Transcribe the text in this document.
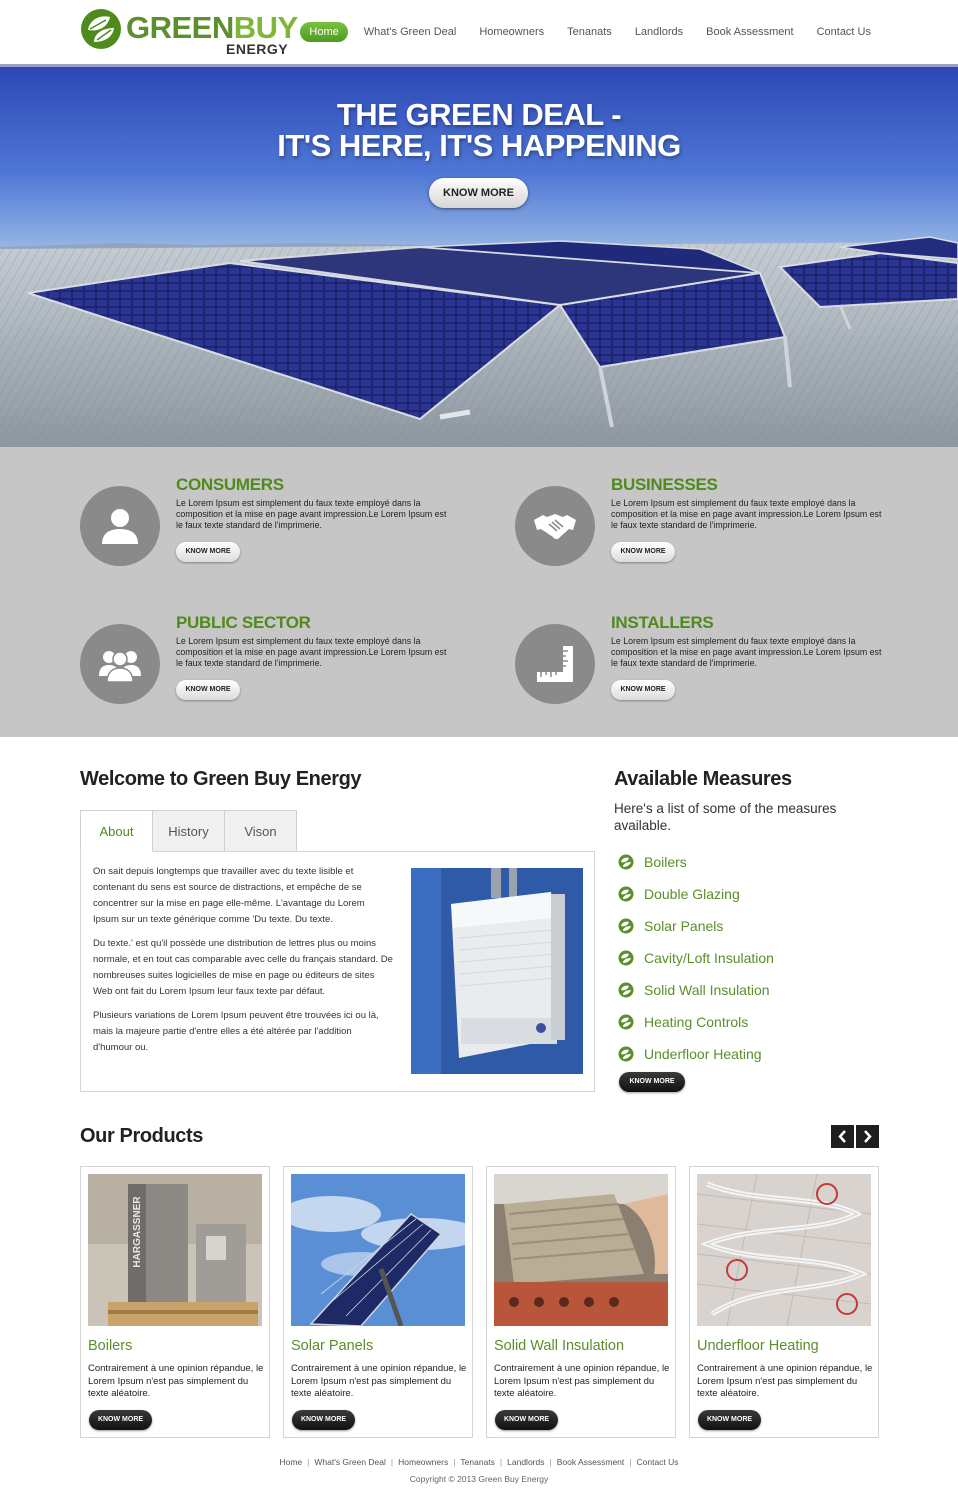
GREENBUY
ENERGY
Home	What's Green Deal	Homeowners	Tenanats	Landlords	Book Assessment	Contact Us
THE GREEN DEAL -
IT'S HERE, IT'S HAPPENING
KNOW MORE
CONSUMERS
Le Lorem Ipsum est simplement du faux texte employé dans la composition et la mise en page avant impression.Le Lorem Ipsum est le faux texte standard de l'imprimerie.
KNOW MORE
BUSINESSES
Le Lorem Ipsum est simplement du faux texte employé dans la composition et la mise en page avant impression.Le Lorem Ipsum est le faux texte standard de l'imprimerie.
KNOW MORE
PUBLIC SECTOR
Le Lorem Ipsum est simplement du faux texte employé dans la composition et la mise en page avant impression.Le Lorem Ipsum est le faux texte standard de l'imprimerie.
KNOW MORE
INSTALLERS
Le Lorem Ipsum est simplement du faux texte employé dans la composition et la mise en page avant impression.Le Lorem Ipsum est le faux texte standard de l'imprimerie.
KNOW MORE
Welcome to Green Buy Energy
About	History	Vison

On sait depuis longtemps que travailler avec du texte lisible et contenant du sens est source de distractions, et empêche de se concentrer sur la mise en page elle-même. L'avantage du Lorem Ipsum sur un texte générique comme 'Du texte. Du texte.

Du texte.' est qu'il possède une distribution de lettres plus ou moins normale, et en tout cas comparable avec celle du français standard. De nombreuses suites logicielles de mise en page ou éditeurs de sites Web ont fait du Lorem Ipsum leur faux texte par défaut.

Plusieurs variations de Lorem Ipsum peuvent être trouvées ici ou là, mais la majeure partie d'entre elles a été altérée par l'addition d'humour ou.

Available Measures
Here's a list of some of the measures available.
Boilers
Double Glazing
Solar Panels
Cavity/Loft Insulation
Solid Wall Insulation
Heating Controls
Underfloor Heating
KNOW MORE
Our Products
HARGASSNER
Boilers
Contrairement à une opinion répandue, le Lorem Ipsum n'est pas simplement du texte aléatoire.
KNOW MORE
Solar Panels
Contrairement à une opinion répandue, le Lorem Ipsum n'est pas simplement du texte aléatoire.
KNOW MORE
Solid Wall Insulation
Contrairement à une opinion répandue, le Lorem Ipsum n'est pas simplement du texte aléatoire.
KNOW MORE
Underfloor Heating
Contrairement à une opinion répandue, le Lorem Ipsum n'est pas simplement du texte aléatoire.
KNOW MORE
Home | What's Green Deal | Homeowners | Tenanats | Landlords | Book Assessment | Contact Us
Copyright © 2013 Green Buy Energy
